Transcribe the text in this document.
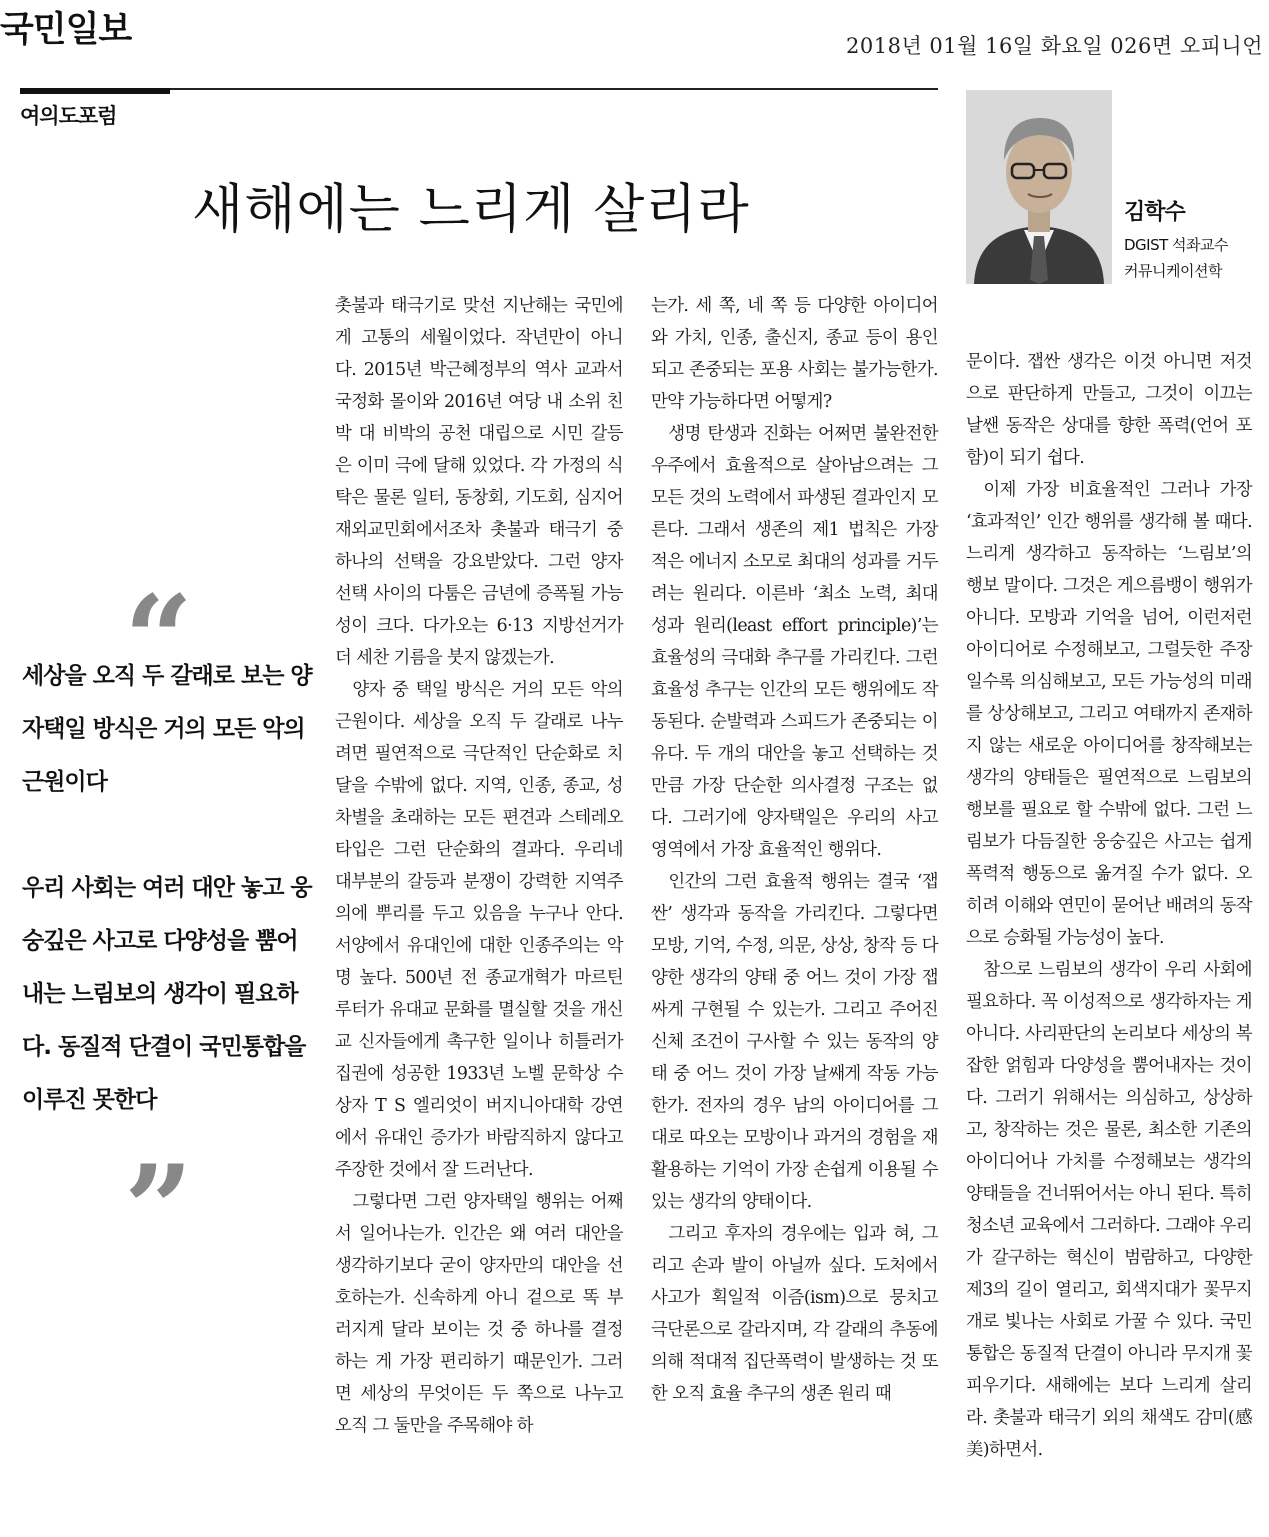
국민일보	2018년 01월 16일 화요일 026면 오피니언
여의도포럼
새해에는 느리게 살리라	김학수
DGIST 석좌교수
커뮤니케이션학
“
세상을 오직 두 갈래로 보는 양자택일 방식은 거의 모든 악의 근원이다
우리 사회는 여러 대안 놓고 웅숭깊은 사고로 다양성을 뿜어내는 느림보의 생각이 필요하다. 동질적 단결이 국민통합을 이루진 못한다
”

촛불과 태극기로 맞선 지난해는 국민에게 고통의 세월이었다. 작년만이 아니다. 2015년 박근혜정부의 역사 교과서 국정화 몰이와 2016년 여당 내 소위 친박 대 비박의 공천 대립으로 시민 갈등은 이미 극에 달해 있었다. 각 가정의 식탁은 물론 일터, 동창회, 기도회, 심지어 재외교민회에서조차 촛불과 태극기 중 하나의 선택을 강요받았다. 그런 양자 선택 사이의 다툼은 금년에 증폭될 가능성이 크다. 다가오는 6·13 지방선거가 더 세찬 기름을 붓지 않겠는가.

양자 중 택일 방식은 거의 모든 악의 근원이다. 세상을 오직 두 갈래로 나누려면 필연적으로 극단적인 단순화로 치달을 수밖에 없다. 지역, 인종, 종교, 성차별을 초래하는 모든 편견과 스테레오타입은 그런 단순화의 결과다. 우리네 대부분의 갈등과 분쟁이 강력한 지역주의에 뿌리를 두고 있음을 누구나 안다. 서양에서 유대인에 대한 인종주의는 악명 높다. 500년 전 종교개혁가 마르틴 루터가 유대교 문화를 멸실할 것을 개신교 신자들에게 촉구한 일이나 히틀러가 집권에 성공한 1933년 노벨 문학상 수상자 T S 엘리엇이 버지니아대학 강연에서 유대인 증가가 바람직하지 않다고 주장한 것에서 잘 드러난다.

그렇다면 그런 양자택일 행위는 어째서 일어나는가. 인간은 왜 여러 대안을 생각하기보다 굳이 양자만의 대안을 선호하는가. 신속하게 아니 겉으로 똑 부러지게 달라 보이는 것 중 하나를 결정하는 게 가장 편리하기 때문인가. 그러면 세상의 무엇이든 두 쪽으로 나누고 오직 그 둘만을 주목해야 하

는가. 세 쪽, 네 쪽 등 다양한 아이디어와 가치, 인종, 출신지, 종교 등이 용인되고 존중되는 포용 사회는 불가능한가. 만약 가능하다면 어떻게?

생명 탄생과 진화는 어쩌면 불완전한 우주에서 효율적으로 살아남으려는 그 모든 것의 노력에서 파생된 결과인지 모른다. 그래서 생존의 제1 법칙은 가장 적은 에너지 소모로 최대의 성과를 거두려는 원리다. 이른바 ‘최소 노력, 최대 성과 원리(least effort principle)’는 효율성의 극대화 추구를 가리킨다. 그런 효율성 추구는 인간의 모든 행위에도 작동된다. 순발력과 스피드가 존중되는 이유다. 두 개의 대안을 놓고 선택하는 것만큼 가장 단순한 의사결정 구조는 없다. 그러기에 양자택일은 우리의 사고 영역에서 가장 효율적인 행위다.

인간의 그런 효율적 행위는 결국 ‘잽싼’ 생각과 동작을 가리킨다. 그렇다면 모방, 기억, 수정, 의문, 상상, 창작 등 다양한 생각의 양태 중 어느 것이 가장 잽싸게 구현될 수 있는가. 그리고 주어진 신체 조건이 구사할 수 있는 동작의 양태 중 어느 것이 가장 날쌔게 작동 가능한가. 전자의 경우 남의 아이디어를 그대로 따오는 모방이나 과거의 경험을 재활용하는 기억이 가장 손쉽게 이용될 수 있는 생각의 양태이다.

그리고 후자의 경우에는 입과 혀, 그리고 손과 발이 아닐까 싶다. 도처에서 사고가 획일적 이즘(ism)으로 뭉치고 극단론으로 갈라지며, 각 갈래의 추동에 의해 적대적 집단폭력이 발생하는 것 또한 오직 효율 추구의 생존 원리 때

문이다. 잽싼 생각은 이것 아니면 저것으로 판단하게 만들고, 그것이 이끄는 날쌘 동작은 상대를 향한 폭력(언어 포함)이 되기 쉽다.

이제 가장 비효율적인 그러나 가장 ‘효과적인’ 인간 행위를 생각해 볼 때다. 느리게 생각하고 동작하는 ‘느림보’의 행보 말이다. 그것은 게으름뱅이 행위가 아니다. 모방과 기억을 넘어, 이런저런 아이디어로 수정해보고, 그럴듯한 주장일수록 의심해보고, 모든 가능성의 미래를 상상해보고, 그리고 여태까지 존재하지 않는 새로운 아이디어를 창작해보는 생각의 양태들은 필연적으로 느림보의 행보를 필요로 할 수밖에 없다. 그런 느림보가 다듬질한 웅숭깊은 사고는 쉽게 폭력적 행동으로 옮겨질 수가 없다. 오히려 이해와 연민이 묻어난 배려의 동작으로 승화될 가능성이 높다.

참으로 느림보의 생각이 우리 사회에 필요하다. 꼭 이성적으로 생각하자는 게 아니다. 사리판단의 논리보다 세상의 복잡한 얽힘과 다양성을 뿜어내자는 것이다. 그러기 위해서는 의심하고, 상상하고, 창작하는 것은 물론, 최소한 기존의 아이디어나 가치를 수정해보는 생각의 양태들을 건너뛰어서는 아니 된다. 특히 청소년 교육에서 그러하다. 그래야 우리가 갈구하는 혁신이 범람하고, 다양한 제3의 길이 열리고, 회색지대가 꽃무지개로 빛나는 사회로 가꿀 수 있다. 국민통합은 동질적 단결이 아니라 무지개 꽃피우기다. 새해에는 보다 느리게 살리라. 촛불과 태극기 외의 채색도 감미(感美)하면서.
